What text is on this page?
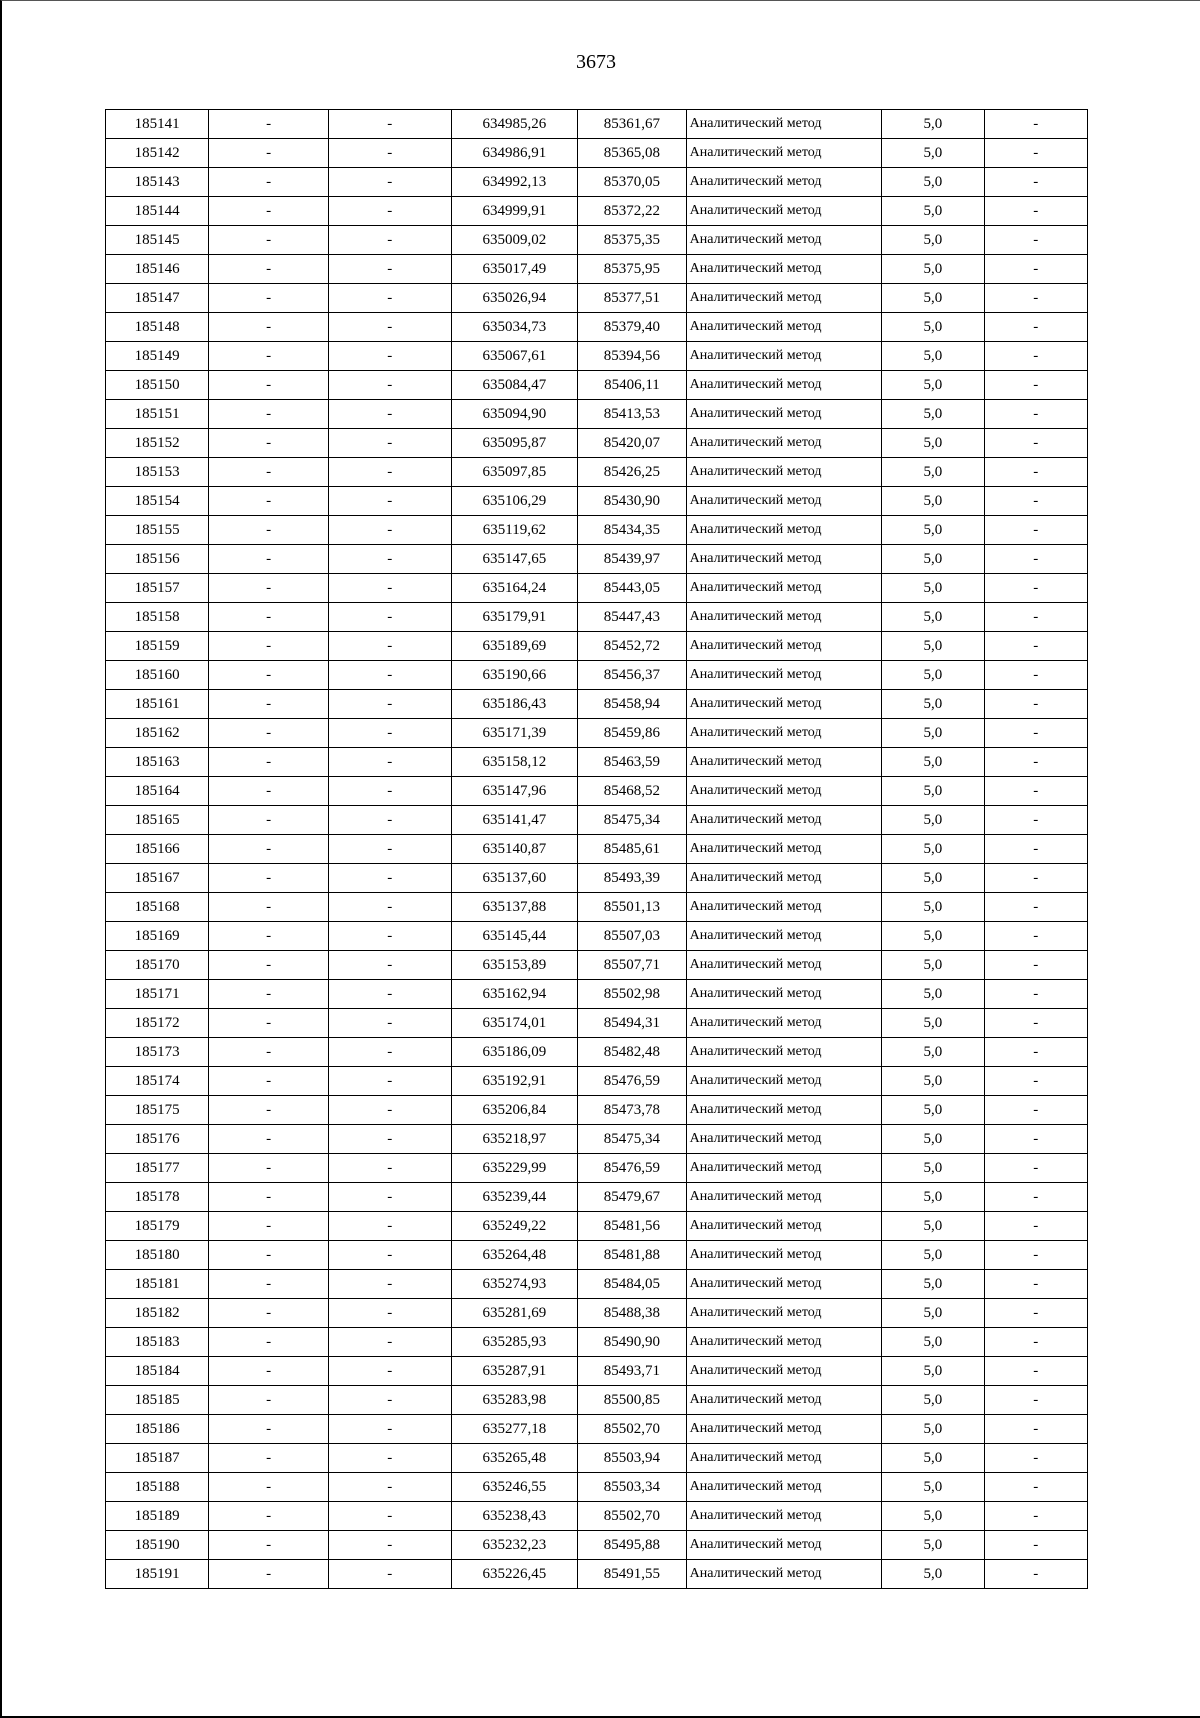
3673
185141	-	-	634985,26	85361,67	Аналитический метод	5,0	-
185142	-	-	634986,91	85365,08	Аналитический метод	5,0	-
185143	-	-	634992,13	85370,05	Аналитический метод	5,0	-
185144	-	-	634999,91	85372,22	Аналитический метод	5,0	-
185145	-	-	635009,02	85375,35	Аналитический метод	5,0	-
185146	-	-	635017,49	85375,95	Аналитический метод	5,0	-
185147	-	-	635026,94	85377,51	Аналитический метод	5,0	-
185148	-	-	635034,73	85379,40	Аналитический метод	5,0	-
185149	-	-	635067,61	85394,56	Аналитический метод	5,0	-
185150	-	-	635084,47	85406,11	Аналитический метод	5,0	-
185151	-	-	635094,90	85413,53	Аналитический метод	5,0	-
185152	-	-	635095,87	85420,07	Аналитический метод	5,0	-
185153	-	-	635097,85	85426,25	Аналитический метод	5,0	-
185154	-	-	635106,29	85430,90	Аналитический метод	5,0	-
185155	-	-	635119,62	85434,35	Аналитический метод	5,0	-
185156	-	-	635147,65	85439,97	Аналитический метод	5,0	-
185157	-	-	635164,24	85443,05	Аналитический метод	5,0	-
185158	-	-	635179,91	85447,43	Аналитический метод	5,0	-
185159	-	-	635189,69	85452,72	Аналитический метод	5,0	-
185160	-	-	635190,66	85456,37	Аналитический метод	5,0	-
185161	-	-	635186,43	85458,94	Аналитический метод	5,0	-
185162	-	-	635171,39	85459,86	Аналитический метод	5,0	-
185163	-	-	635158,12	85463,59	Аналитический метод	5,0	-
185164	-	-	635147,96	85468,52	Аналитический метод	5,0	-
185165	-	-	635141,47	85475,34	Аналитический метод	5,0	-
185166	-	-	635140,87	85485,61	Аналитический метод	5,0	-
185167	-	-	635137,60	85493,39	Аналитический метод	5,0	-
185168	-	-	635137,88	85501,13	Аналитический метод	5,0	-
185169	-	-	635145,44	85507,03	Аналитический метод	5,0	-
185170	-	-	635153,89	85507,71	Аналитический метод	5,0	-
185171	-	-	635162,94	85502,98	Аналитический метод	5,0	-
185172	-	-	635174,01	85494,31	Аналитический метод	5,0	-
185173	-	-	635186,09	85482,48	Аналитический метод	5,0	-
185174	-	-	635192,91	85476,59	Аналитический метод	5,0	-
185175	-	-	635206,84	85473,78	Аналитический метод	5,0	-
185176	-	-	635218,97	85475,34	Аналитический метод	5,0	-
185177	-	-	635229,99	85476,59	Аналитический метод	5,0	-
185178	-	-	635239,44	85479,67	Аналитический метод	5,0	-
185179	-	-	635249,22	85481,56	Аналитический метод	5,0	-
185180	-	-	635264,48	85481,88	Аналитический метод	5,0	-
185181	-	-	635274,93	85484,05	Аналитический метод	5,0	-
185182	-	-	635281,69	85488,38	Аналитический метод	5,0	-
185183	-	-	635285,93	85490,90	Аналитический метод	5,0	-
185184	-	-	635287,91	85493,71	Аналитический метод	5,0	-
185185	-	-	635283,98	85500,85	Аналитический метод	5,0	-
185186	-	-	635277,18	85502,70	Аналитический метод	5,0	-
185187	-	-	635265,48	85503,94	Аналитический метод	5,0	-
185188	-	-	635246,55	85503,34	Аналитический метод	5,0	-
185189	-	-	635238,43	85502,70	Аналитический метод	5,0	-
185190	-	-	635232,23	85495,88	Аналитический метод	5,0	-
185191	-	-	635226,45	85491,55	Аналитический метод	5,0	-
